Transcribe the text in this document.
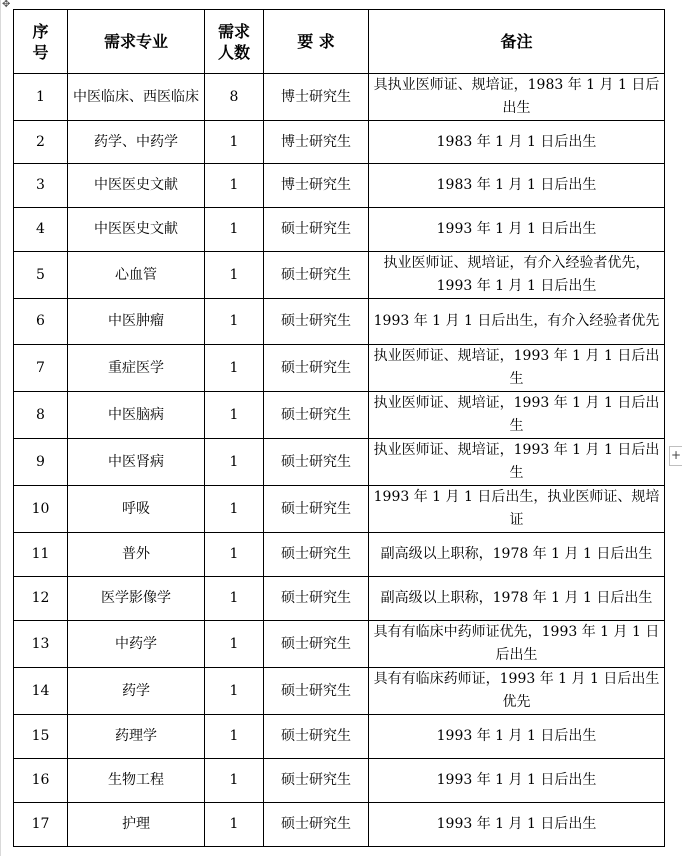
✥
序号	需求专业	需求人数	要 求	备注
1	中医临床、西医临床	8	博士研究生	具执业医师证、规培证，1983 年 1 月 1 日后出生
2	药学、中药学	1	博士研究生	1983 年 1 月 1 日后出生
3	中医医史文献	1	博士研究生	1983 年 1 月 1 日后出生
4	中医医史文献	1	硕士研究生	1993 年 1 月 1 日后出生
5	心血管	1	硕士研究生	执业医师证、规培证，有介入经验者优先，1993 年 1 月 1 日后出生
6	中医肿瘤	1	硕士研究生	1993 年 1 月 1 日后出生，有介入经验者优先
7	重症医学	1	硕士研究生	执业医师证、规培证，1993 年 1 月 1 日后出生
8	中医脑病	1	硕士研究生	执业医师证、规培证，1993 年 1 月 1 日后出生
9	中医肾病	1	硕士研究生	执业医师证、规培证，1993 年 1 月 1 日后出生
10	呼吸	1	硕士研究生	1993 年 1 月 1 日后出生，执业医师证、规培证
11	普外	1	硕士研究生	副高级以上职称，1978 年 1 月 1 日后出生
12	医学影像学	1	硕士研究生	副高级以上职称，1978 年 1 月 1 日后出生
13	中药学	1	硕士研究生	具有有临床中药师证优先，1993 年 1 月 1 日后出生
14	药学	1	硕士研究生	具有有临床药师证，1993 年 1 月 1 日后出生优先
15	药理学	1	硕士研究生	1993 年 1 月 1 日后出生
16	生物工程	1	硕士研究生	1993 年 1 月 1 日后出生
17	护理	1	硕士研究生	1993 年 1 月 1 日后出生
+
